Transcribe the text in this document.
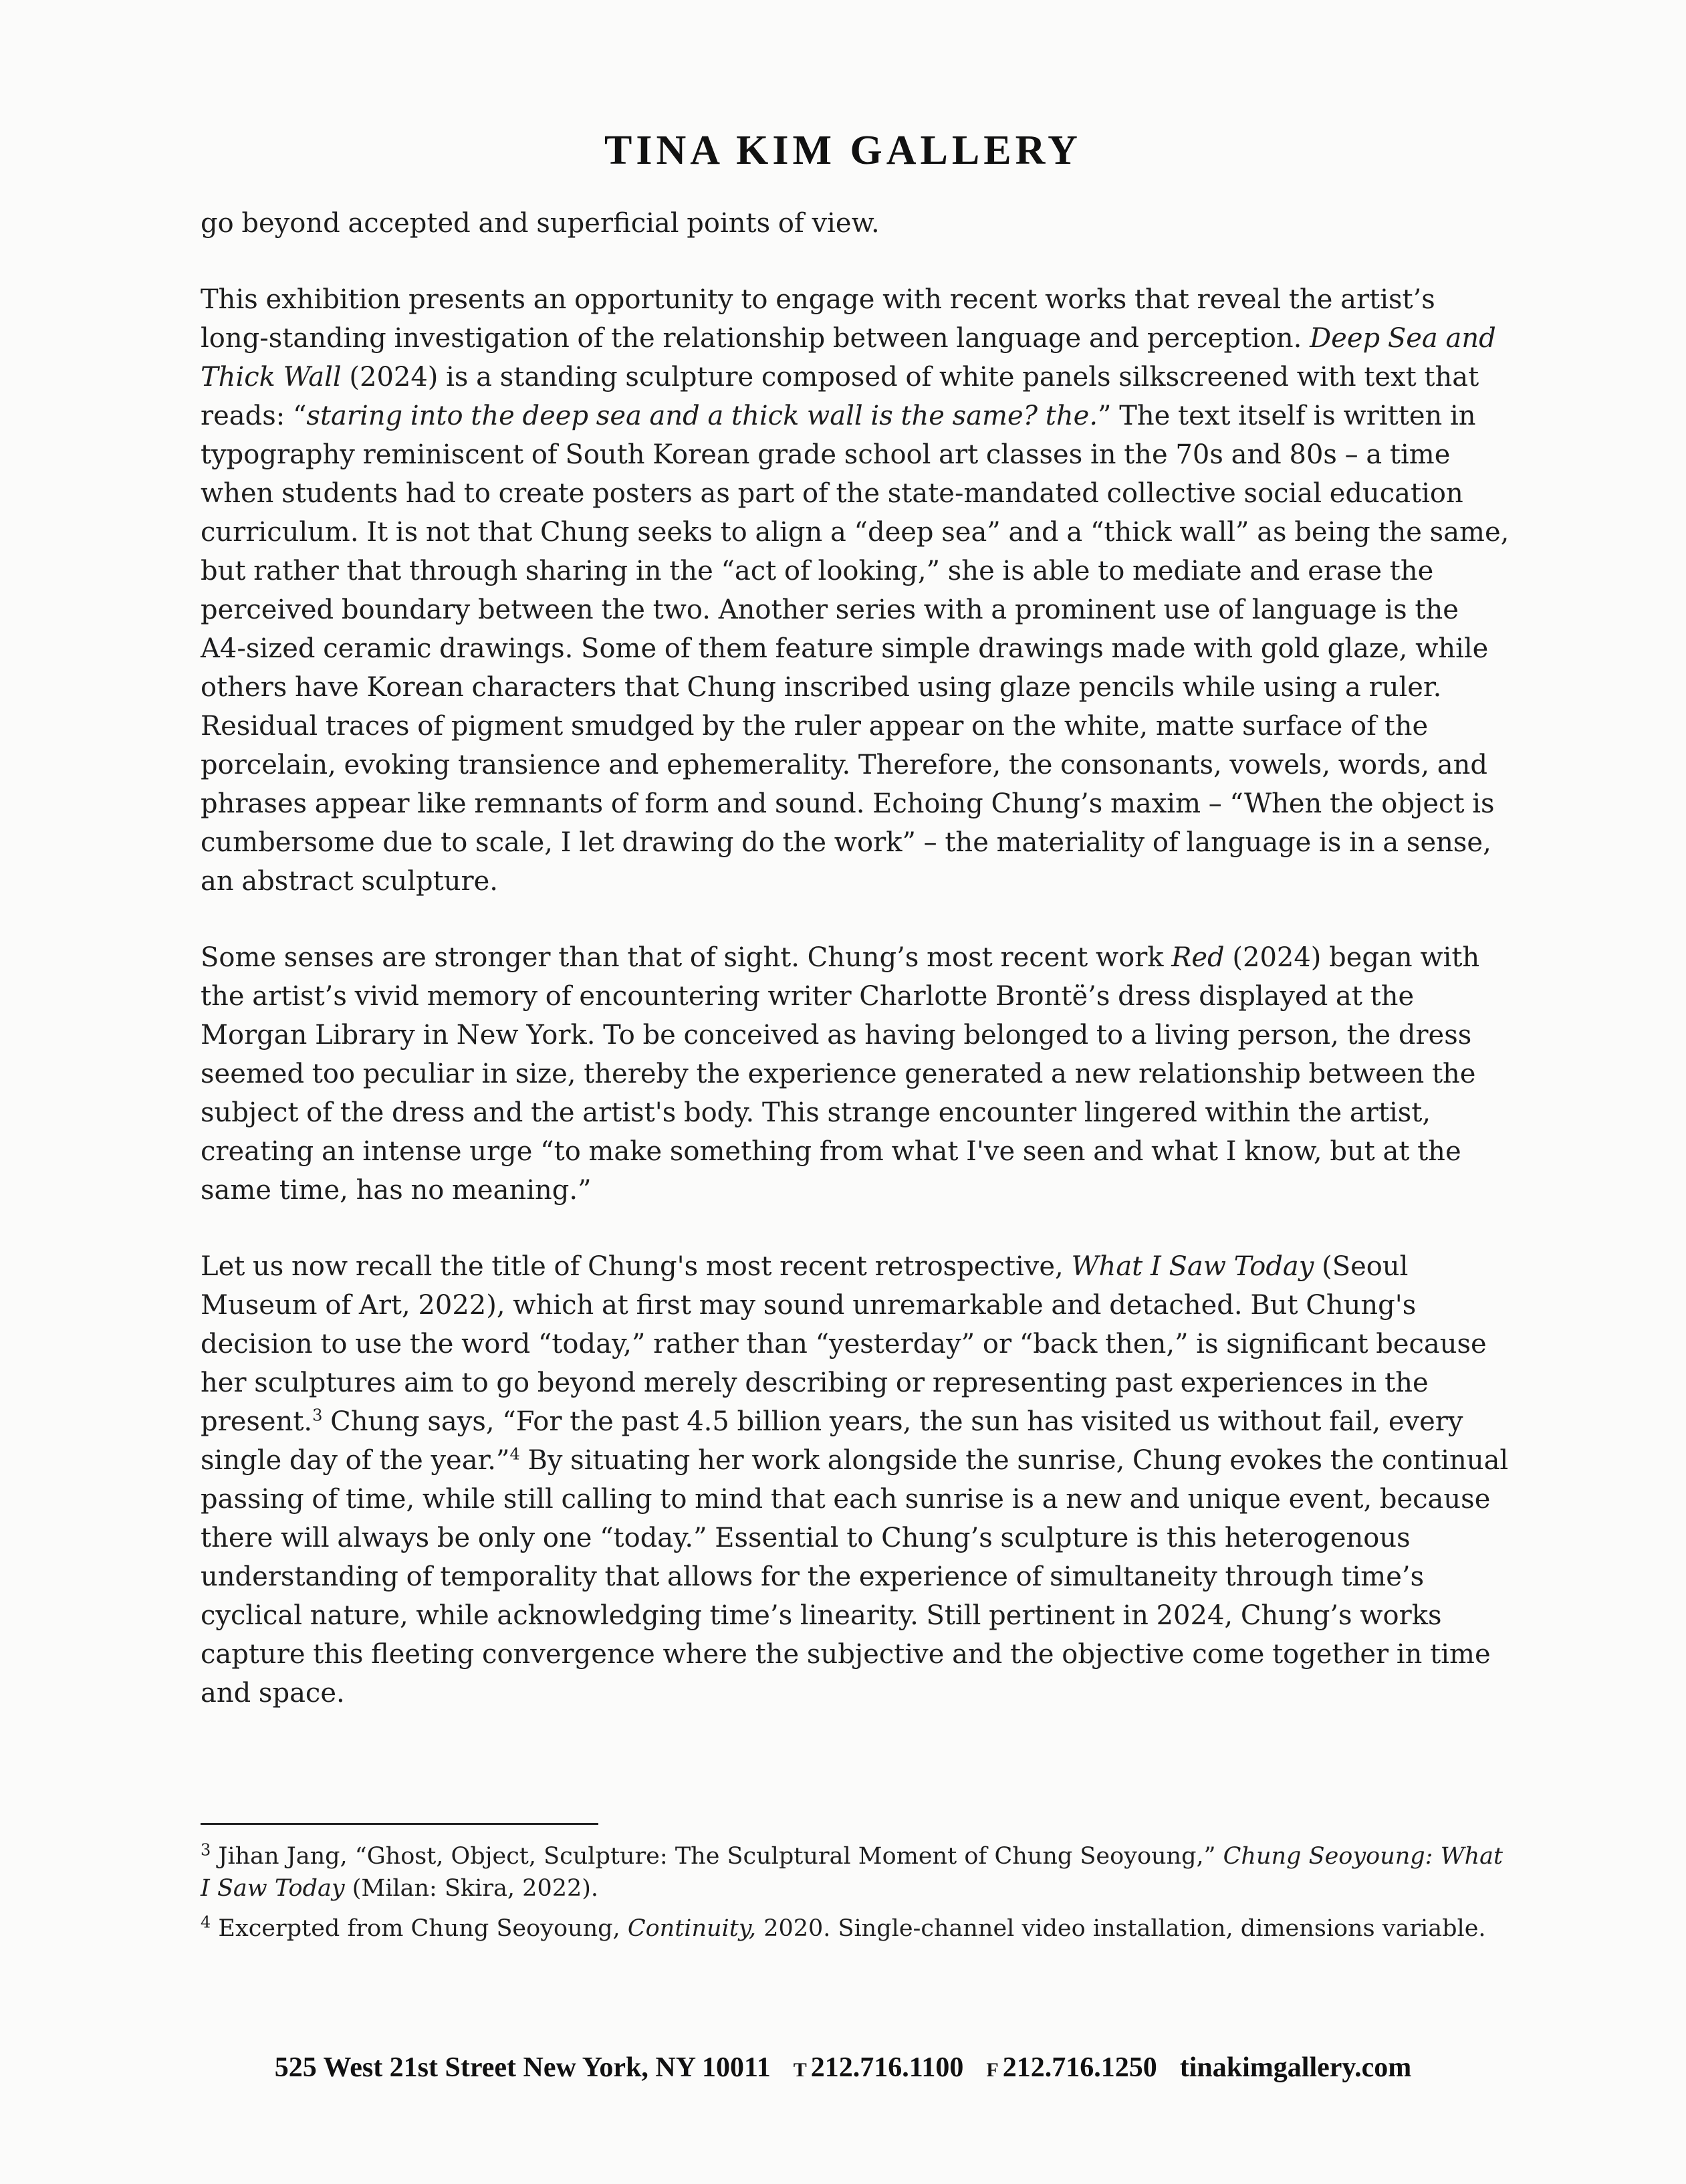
TINA KIM GALLERY

go beyond accepted and superficial points of view.

This exhibition presents an opportunity to engage with recent works that reveal the artist’s long-standing investigation of the relationship between language and perception. Deep Sea and Thick Wall (2024) is a standing sculpture composed of white panels silkscreened with text that reads: “staring into the deep sea and a thick wall is the same? the.” The text itself is written in typography reminiscent of South Korean grade school art classes in the 70s and 80s – a time when students had to create posters as part of the state-mandated collective social education curriculum. It is not that Chung seeks to align a “deep sea” and a “thick wall” as being the same, but rather that through sharing in the “act of looking,” she is able to mediate and erase the perceived boundary between the two. Another series with a prominent use of language is the A4-sized ceramic drawings. Some of them feature simple drawings made with gold glaze, while others have Korean characters that Chung inscribed using glaze pencils while using a ruler. Residual traces of pigment smudged by the ruler appear on the white, matte surface of the porcelain, evoking transience and ephemerality. Therefore, the consonants, vowels, words, and phrases appear like remnants of form and sound. Echoing Chung’s maxim – “When the object is cumbersome due to scale, I let drawing do the work” – the materiality of language is in a sense, an abstract sculpture.

Some senses are stronger than that of sight. Chung’s most recent work Red (2024) began with the artist’s vivid memory of encountering writer Charlotte Brontë’s dress displayed at the Morgan Library in New York. To be conceived as having belonged to a living person, the dress seemed too peculiar in size, thereby the experience generated a new relationship between the subject of the dress and the artist's body. This strange encounter lingered within the artist, creating an intense urge “to make something from what I've seen and what I know, but at the same time, has no meaning.”

Let us now recall the title of Chung's most recent retrospective, What I Saw Today (Seoul Museum of Art, 2022), which at first may sound unremarkable and detached. But Chung's decision to use the word “today,” rather than “yesterday” or “back then,” is significant because her sculptures aim to go beyond merely describing or representing past experiences in the present.$^3$ Chung says, “For the past 4.5 billion years, the sun has visited us without fail, every single day of the year.”$^4$ By situating her work alongside the sunrise, Chung evokes the continual passing of time, while still calling to mind that each sunrise is a new and unique event, because there will always be only one “today.” Essential to Chung’s sculpture is this heterogenous understanding of temporality that allows for the experience of simultaneity through time’s cyclical nature, while acknowledging time’s linearity. Still pertinent in 2024, Chung’s works capture this fleeting convergence where the subjective and the objective come together in time and space.

$^3$ Jihan Jang, “Ghost, Object, Sculpture: The Sculptural Moment of Chung Seoyoung,” Chung Seoyoung: What I Saw Today (Milan: Skira, 2022).
$^4$ Excerpted from Chung Seoyoung, Continuity, 2020. Single-channel video installation, dimensions variable.
525 West 21st Street New York, NY 10011 T 212.716.1100 F 212.716.1250 tinakimgallery.com
